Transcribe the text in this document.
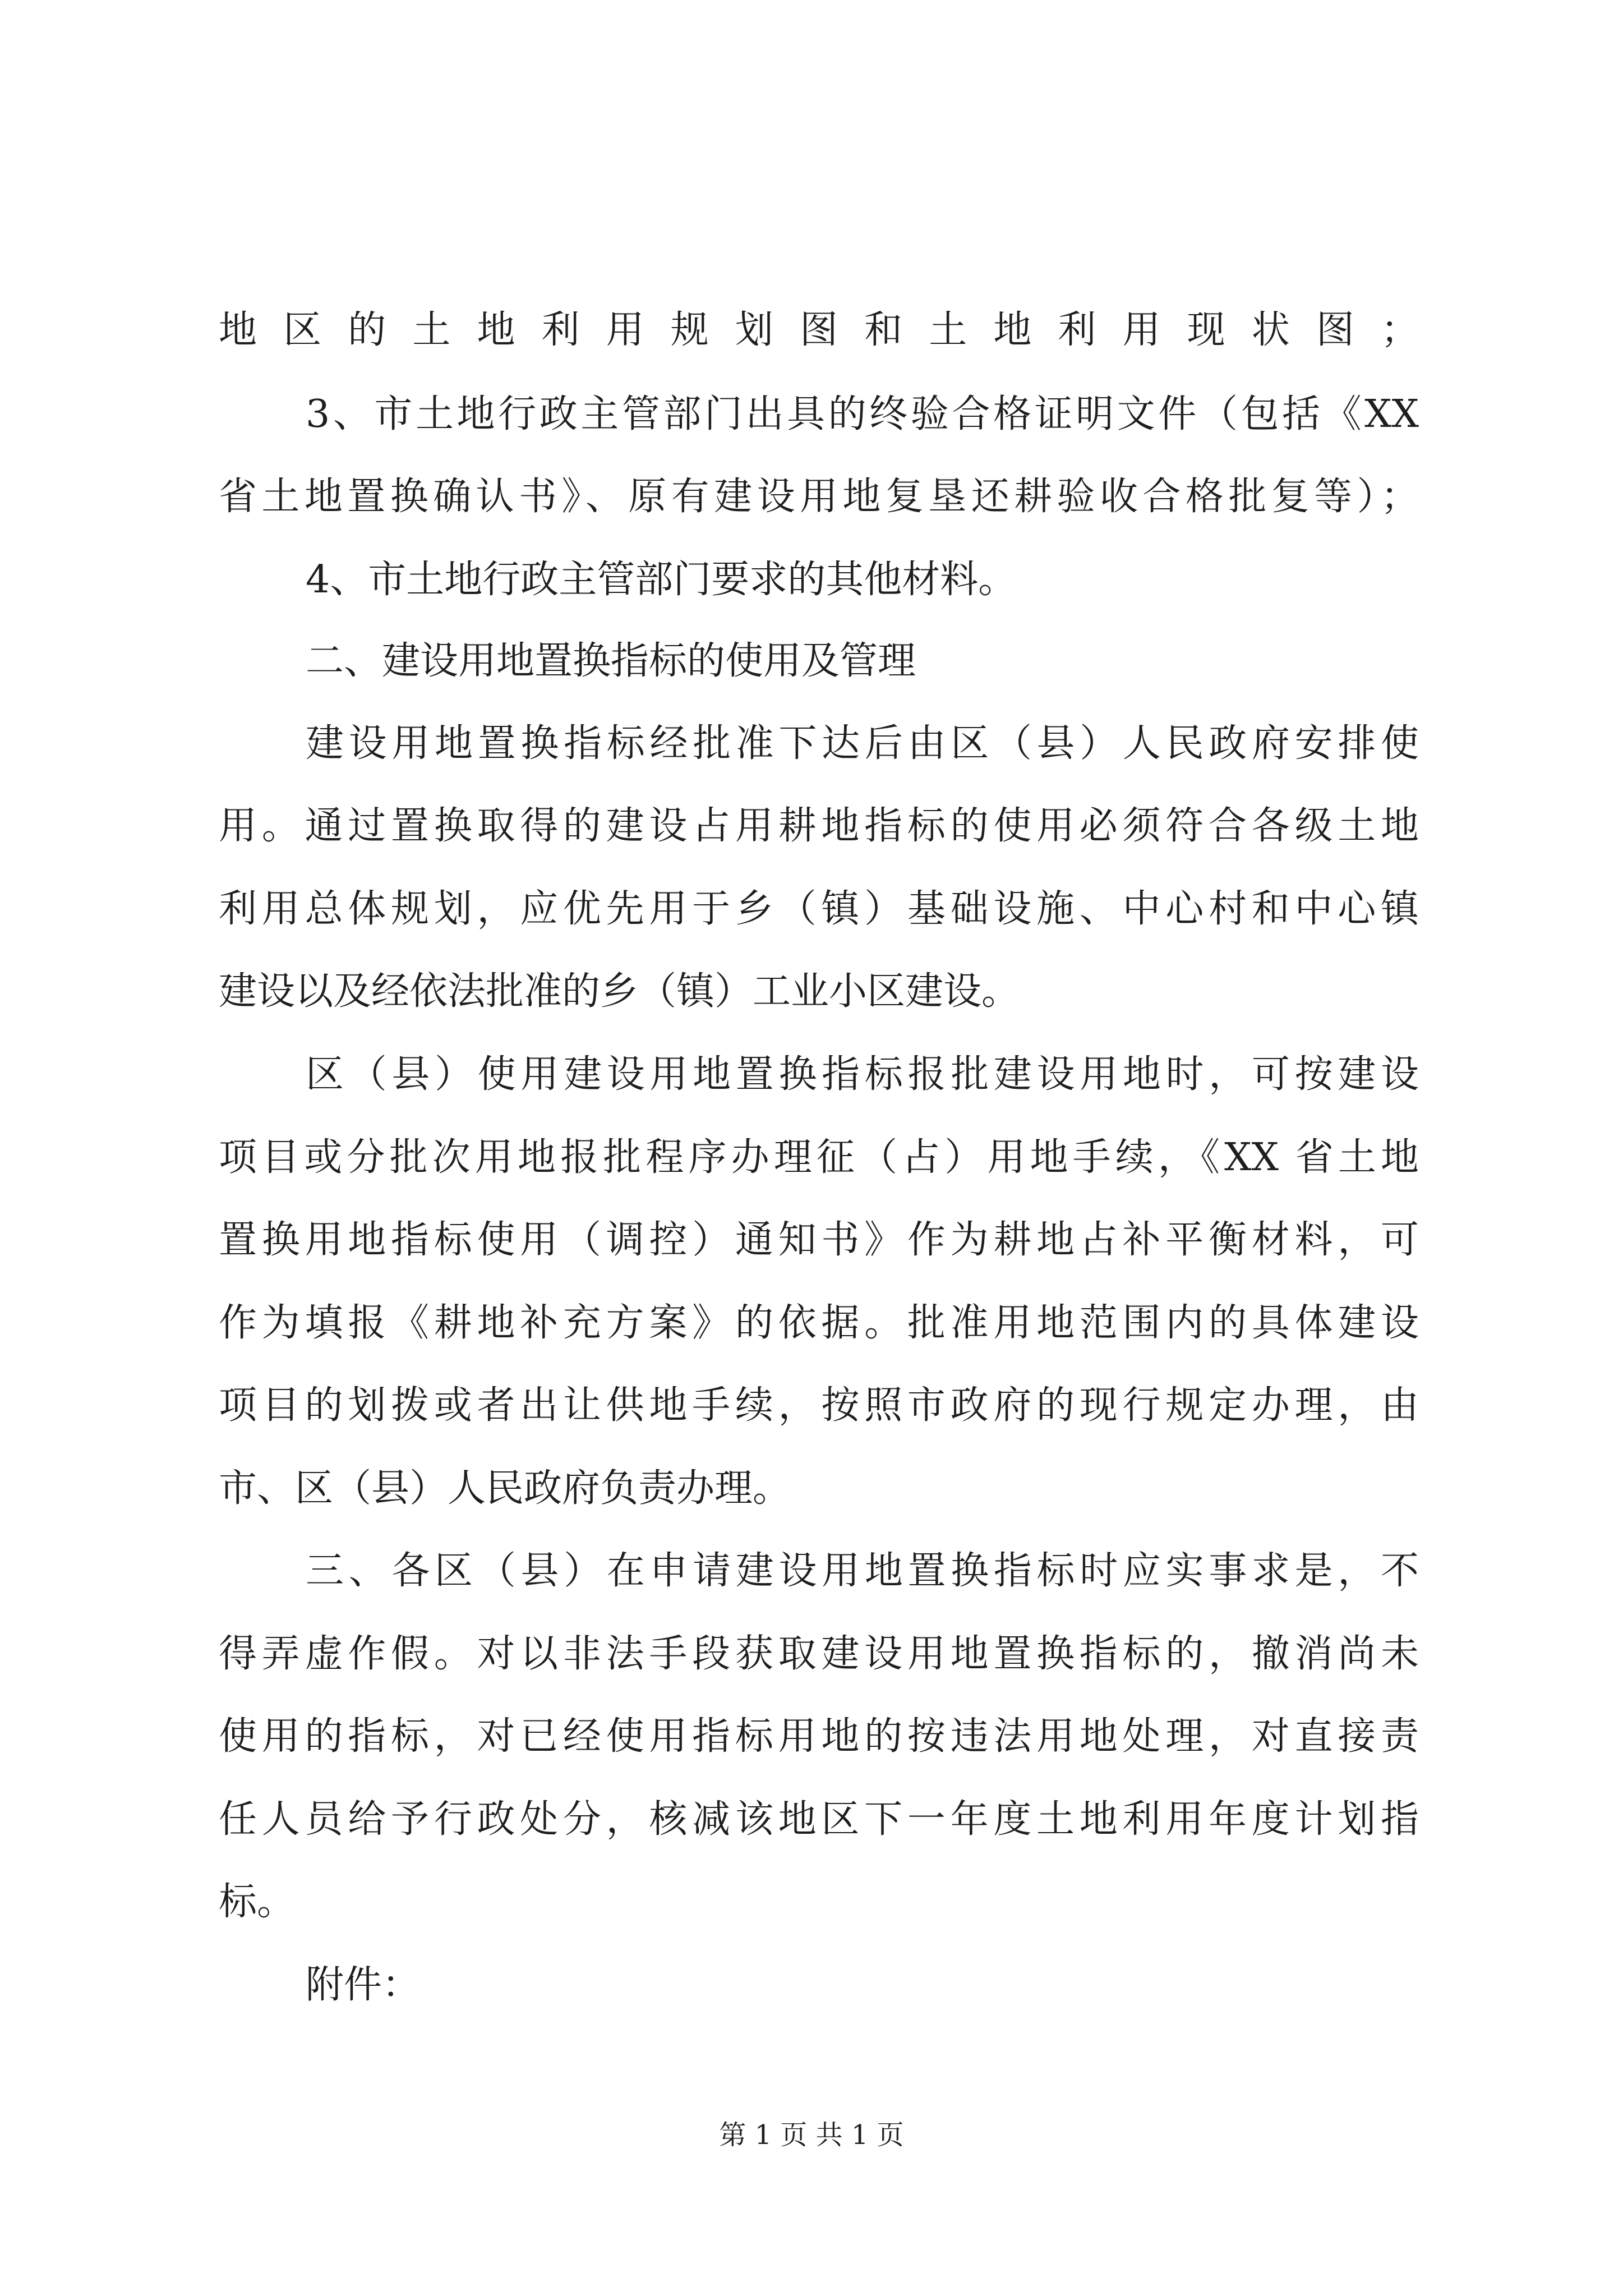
地区的土地利用规划图和土地利用现状图；

3、市土地行政主管部门出具的终验合格证明文件（包括《XX

省土地置换确认书》、原有建设用地复垦还耕验收合格批复等）；

4、市土地行政主管部门要求的其他材料。

二、建设用地置换指标的使用及管理

建设用地置换指标经批准下达后由区（县）人民政府安排使

用。通过置换取得的建设占用耕地指标的使用必须符合各级土地

利用总体规划，应优先用于乡（镇）基础设施、中心村和中心镇

建设以及经依法批准的乡（镇）工业小区建设。

区（县）使用建设用地置换指标报批建设用地时，可按建设

项目或分批次用地报批程序办理征（占）用地手续，《XX 省土地

置换用地指标使用（调控）通知书》作为耕地占补平衡材料，可

作为填报《耕地补充方案》的依据。批准用地范围内的具体建设

项目的划拨或者出让供地手续，按照市政府的现行规定办理，由

市、区（县）人民政府负责办理。

三、各区（县）在申请建设用地置换指标时应实事求是，不

得弄虚作假。对以非法手段获取建设用地置换指标的，撤消尚未

使用的指标，对已经使用指标用地的按违法用地处理，对直接责

任人员给予行政处分，核减该地区下一年度土地利用年度计划指

标。

附件：

第 1 页 共 1 页
